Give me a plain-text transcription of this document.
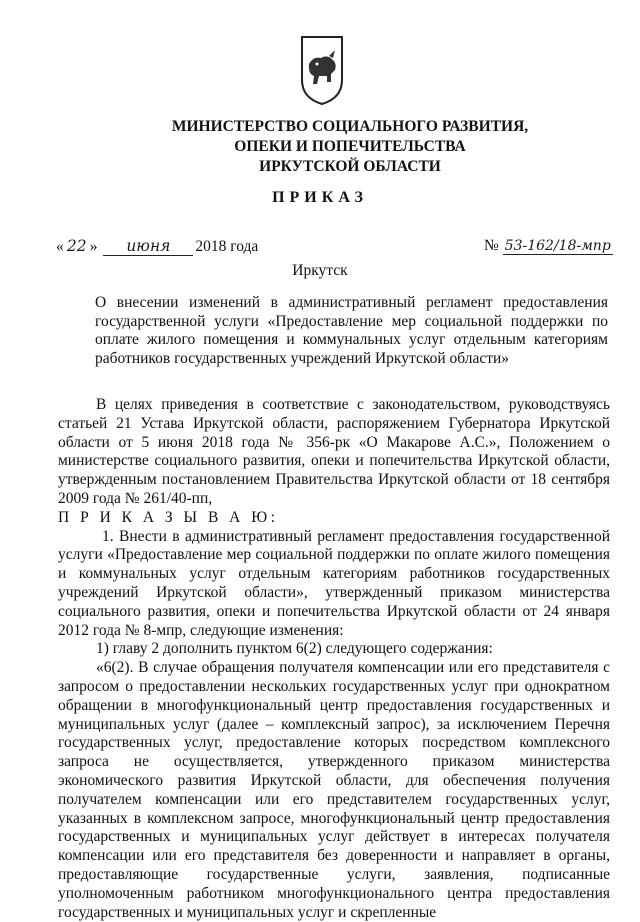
МИНИСТЕРСТВО СОЦИАЛЬНОГО РАЗВИТИЯ,
ОПЕКИ И ПОПЕЧИТЕЛЬСТВА
ИРКУТСКОЙ ОБЛАСТИ
ПРИКАЗ
« 22 » июня 2018 года	№ 53-162/18-мпр
Иркутск
О внесении изменений в административный регламент предоставления государственной услуги «Предоставление мер социальной поддержки по оплате жилого помещения и коммунальных услуг отдельным категориям работников государственных учреждений Иркутской области»

В целях приведения в соответствие с законодательством, руководствуясь статьей 21 Устава Иркутской области, распоряжением Губернатора Иркутской области от 5 июня 2018 года № 356-рк «О Макарове А.С.», Положением о министерстве социального развития, опеки и попечительства Иркутской области, утвержденным постановлением Правительства Иркутской области от 18 сентября 2009 года № 261/40-пп,

П Р И К А З Ы В А Ю:

1. Внести в административный регламент предоставления государственной услуги «Предоставление мер социальной поддержки по оплате жилого помещения и коммунальных услуг отдельным категориям работников государственных учреждений Иркутской области», утвержденный приказом министерства социального развития, опеки и попечительства Иркутской области от 24 января 2012 года № 8-мпр, следующие изменения:

1) главу 2 дополнить пунктом 6(2) следующего содержания:

«6(2). В случае обращения получателя компенсации или его представителя с запросом о предоставлении нескольких государственных услуг при однократном обращении в многофункциональный центр предоставления государственных и муниципальных услуг (далее – комплексный запрос), за исключением Перечня государственных услуг, предоставление которых посредством комплексного запроса не осуществляется, утвержденного приказом министерства экономического развития Иркутской области, для обеспечения получения получателем компенсации или его представителем государственных услуг, указанных в комплексном запросе, многофункциональный центр предоставления государственных и муниципальных услуг действует в интересах получателя компенсации или его представителя без доверенности и направляет в органы, предоставляющие государственные услуги, заявления, подписанные уполномоченным работником многофункционального центра предоставления государственных и муниципальных услуг и скрепленные
